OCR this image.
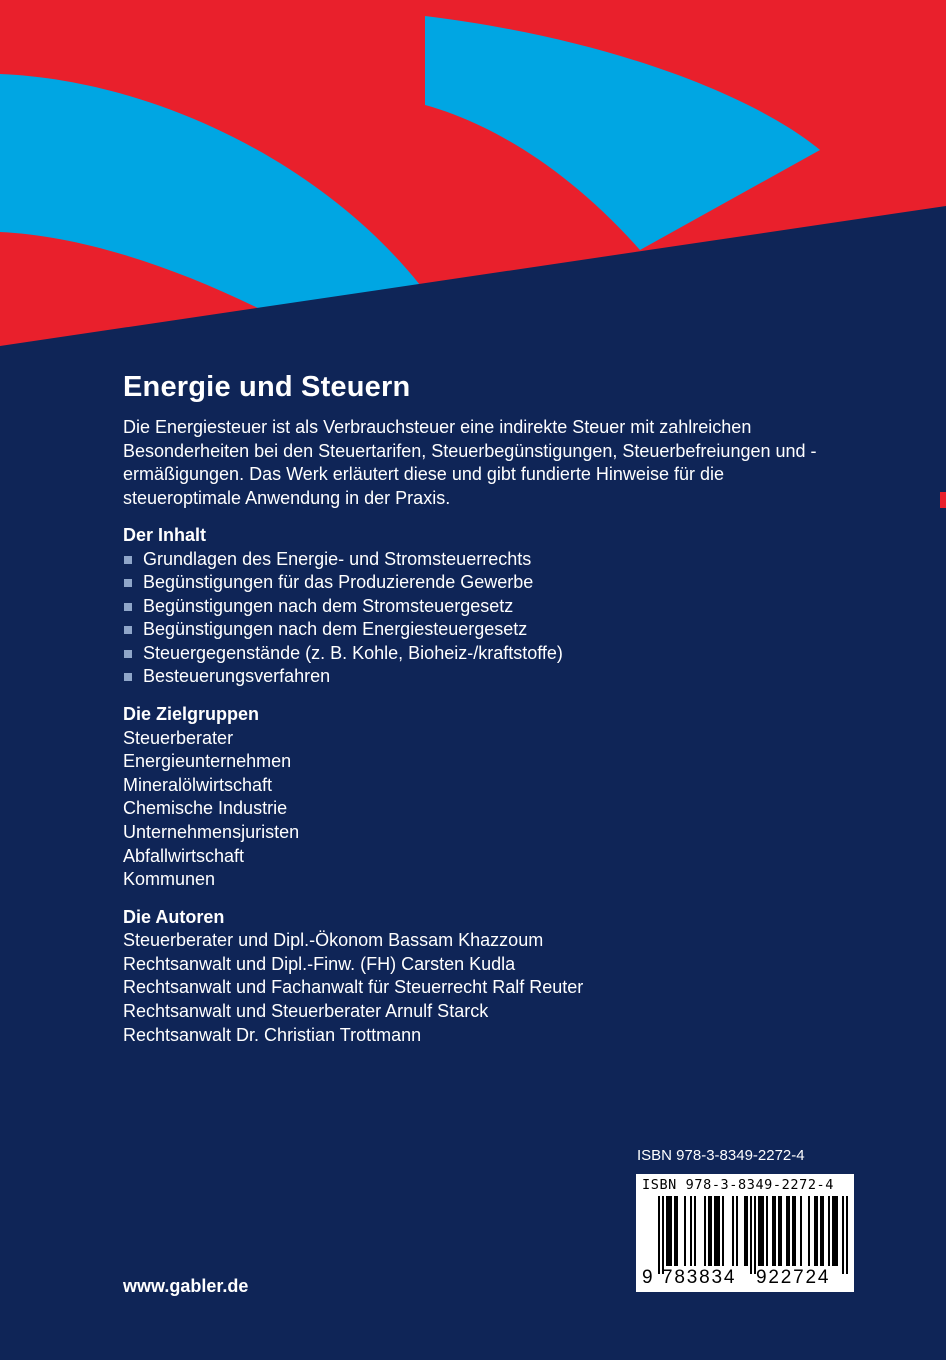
Energie und Steuern

Die Energiesteuer ist als Verbrauchsteuer eine indirekte Steuer mit zahlreichen Besonderheiten bei den Steuertarifen, Steuerbegünstigungen, Steuerbefreiungen und -ermäßigungen. Das Werk erläutert diese und gibt fundierte Hinweise für die steueroptimale Anwendung in der Praxis.

Der Inhalt
Grundlagen des Energie- und Stromsteuerrechts
Begünstigungen für das Produzierende Gewerbe
Begünstigungen nach dem Stromsteuergesetz
Begünstigungen nach dem Energiesteuergesetz
Steuergegenstände (z. B. Kohle, Bioheiz-/kraftstoffe)
Besteuerungsverfahren
Die Zielgruppen
Steuerberater
Energieunternehmen
Mineralölwirtschaft
Chemische Industrie
Unternehmensjuristen
Abfallwirtschaft
Kommunen
Die Autoren
Steuerberater und Dipl.-Ökonom Bassam Khazzoum
Rechtsanwalt und Dipl.-Finw. (FH) Carsten Kudla
Rechtsanwalt und Fachanwalt für Steuerrecht Ralf Reuter
Rechtsanwalt und Steuerberater Arnulf Starck
Rechtsanwalt Dr. Christian Trottmann
ISBN 978-3-8349-2272-4
ISBN 978-3-8349-2272-4
9 783834 922724
www.gabler.de
